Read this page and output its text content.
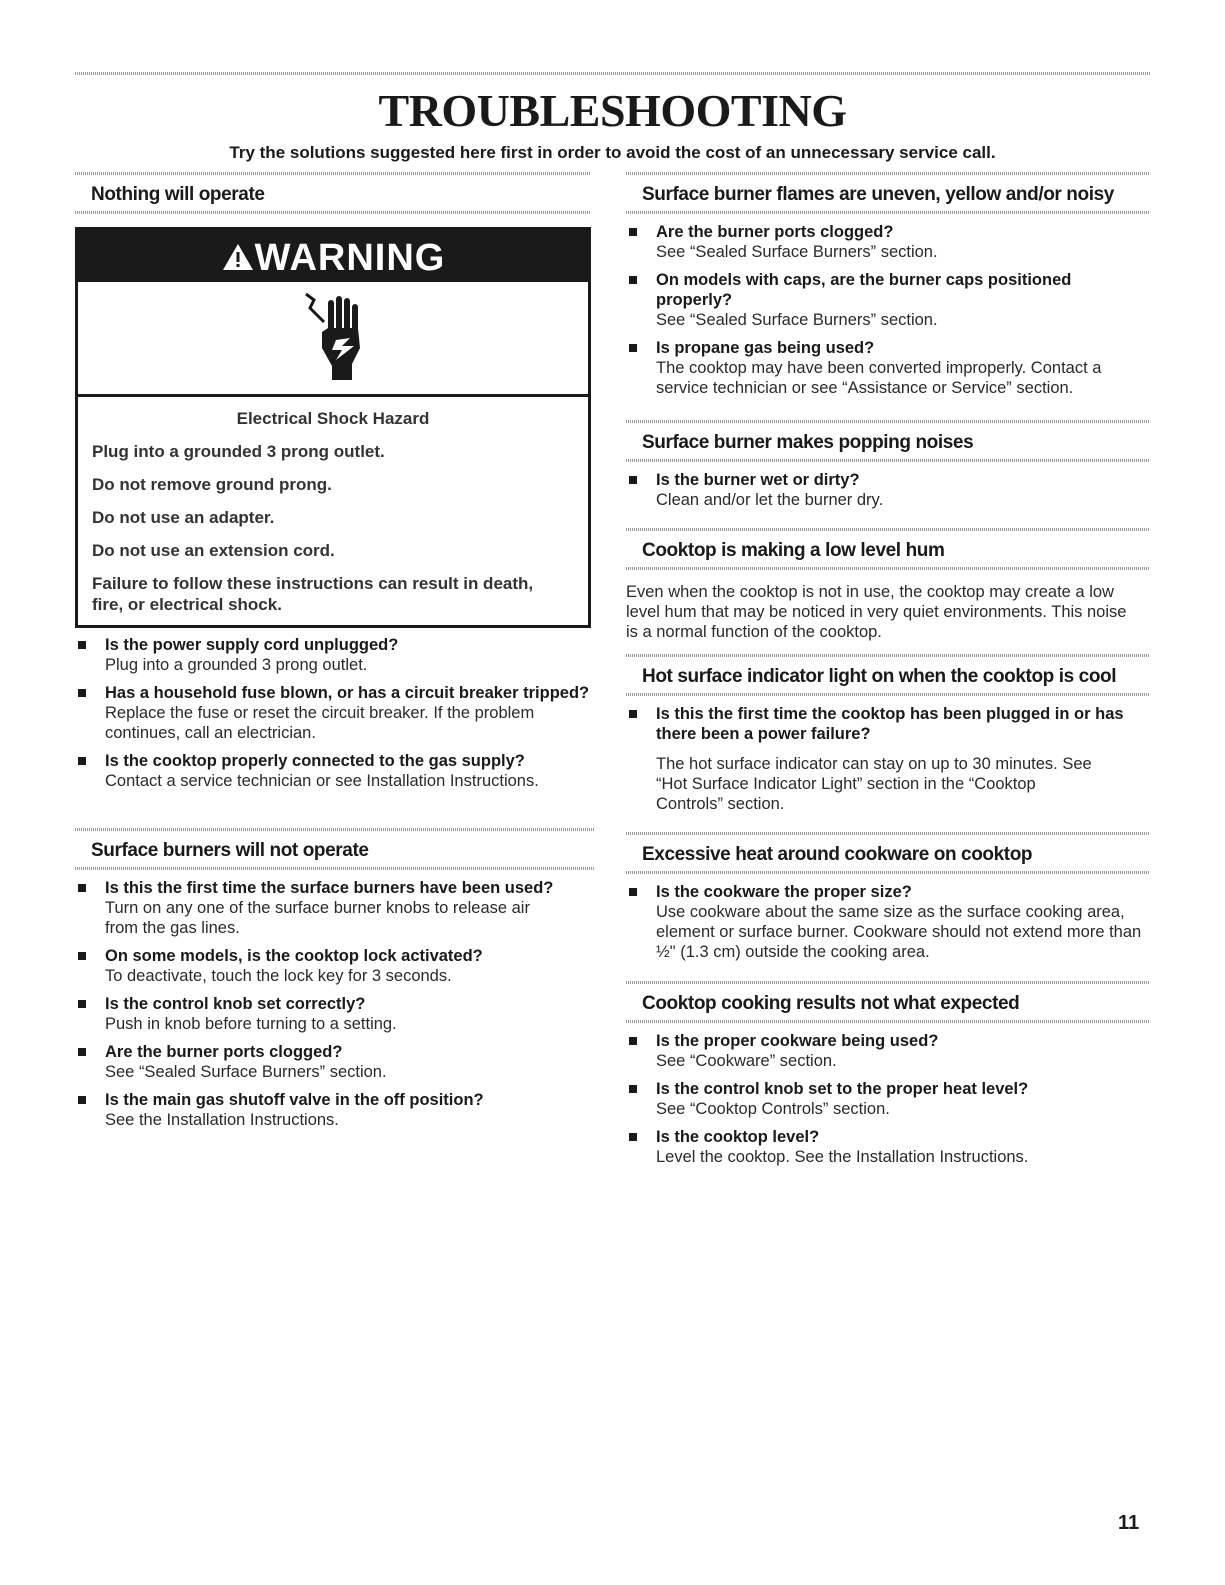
TROUBLESHOOTING
Try the solutions suggested here first in order to avoid the cost of an unnecessary service call.
Nothing will operate
WARNING
Electrical Shock Hazard
Plug into a grounded 3 prong outlet.
Do not remove ground prong.
Do not use an adapter.
Do not use an extension cord.
Failure to follow these instructions can result in death, fire, or electrical shock.
Is the power supply cord unplugged?
Plug into a grounded 3 prong outlet.
Has a household fuse blown, or has a circuit breaker tripped?
Replace the fuse or reset the circuit breaker. If the problem continues, call an electrician.
Is the cooktop properly connected to the gas supply?
Contact a service technician or see Installation Instructions.
Surface burners will not operate
Is this the first time the surface burners have been used?
Turn on any one of the surface burner knobs to release air from the gas lines.
On some models, is the cooktop lock activated?
To deactivate, touch the lock key for 3 seconds.
Is the control knob set correctly?
Push in knob before turning to a setting.
Are the burner ports clogged?
See “Sealed Surface Burners” section.
Is the main gas shutoff valve in the off position?
See the Installation Instructions.
Surface burner flames are uneven, yellow and/or noisy
Are the burner ports clogged?
See “Sealed Surface Burners” section.
On models with caps, are the burner caps positioned properly?
See “Sealed Surface Burners” section.
Is propane gas being used?
The cooktop may have been converted improperly. Contact a service technician or see “Assistance or Service” section.
Surface burner makes popping noises
Is the burner wet or dirty?
Clean and/or let the burner dry.
Cooktop is making a low level hum
Even when the cooktop is not in use, the cooktop may create a low level hum that may be noticed in very quiet environments. This noise is a normal function of the cooktop.
Hot surface indicator light on when the cooktop is cool
Is this the first time the cooktop has been plugged in or has there been a power failure?
The hot surface indicator can stay on up to 30 minutes. See “Hot Surface Indicator Light” section in the “Cooktop Controls” section.
Excessive heat around cookware on cooktop
Is the cookware the proper size?
Use cookware about the same size as the surface cooking area, element or surface burner. Cookware should not extend more than ½" (1.3 cm) outside the cooking area.
Cooktop cooking results not what expected
Is the proper cookware being used?
See “Cookware” section.
Is the control knob set to the proper heat level?
See “Cooktop Controls” section.
Is the cooktop level?
Level the cooktop. See the Installation Instructions.
11
